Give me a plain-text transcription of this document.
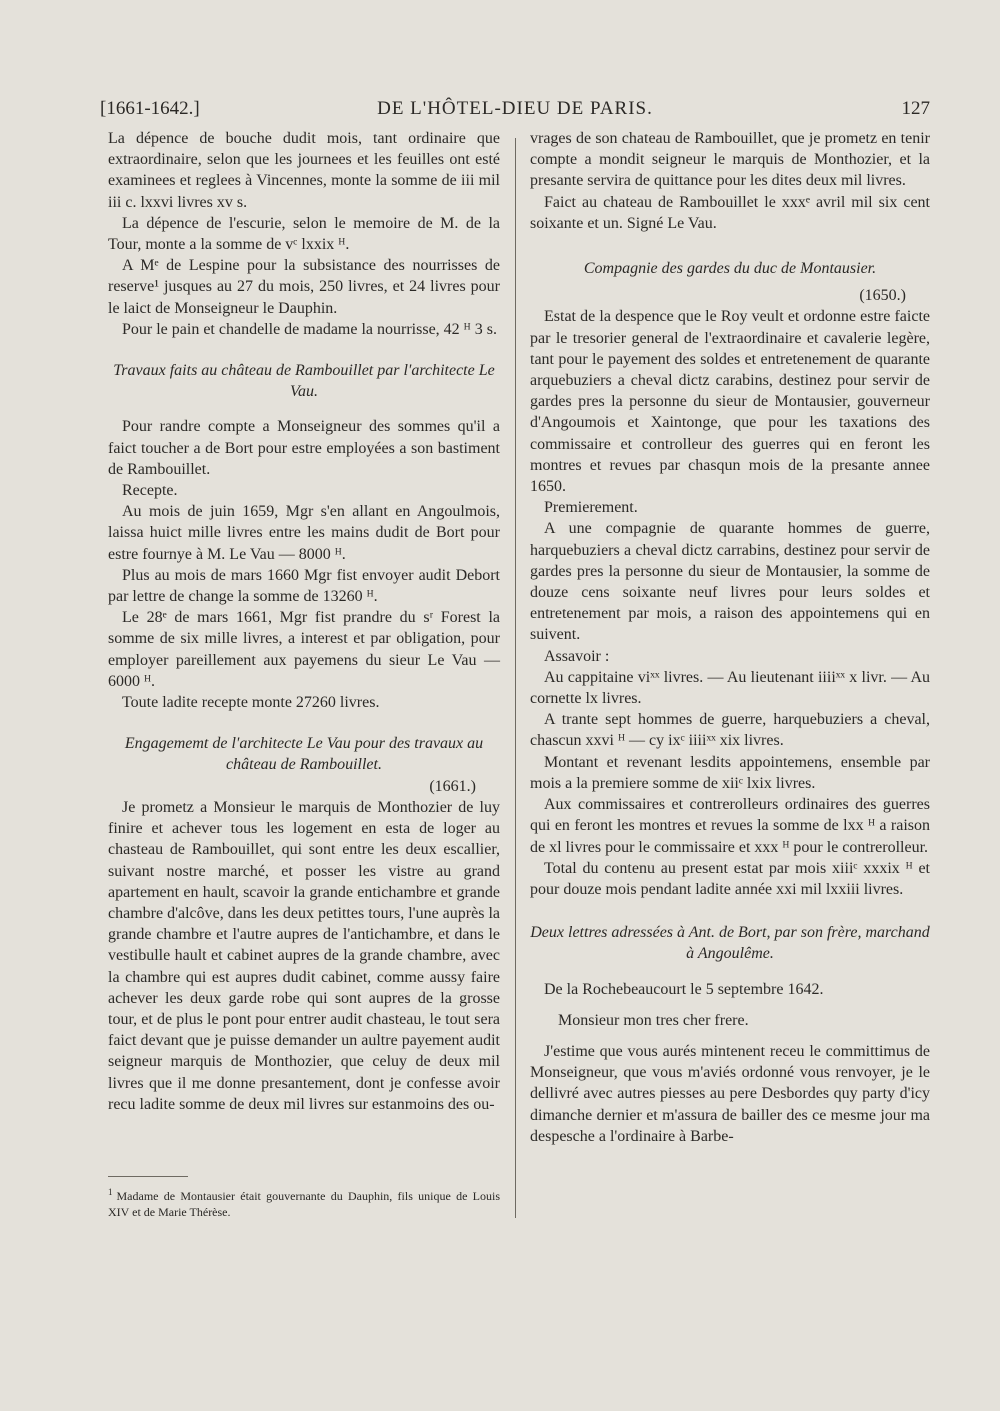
[1661-1642.]	DE L'HÔTEL-DIEU DE PARIS.	127

La dépence de bouche dudit mois, tant ordinaire que extraordinaire, selon que les journees et les feuilles ont esté examinees et reglees à Vincennes, monte la somme de iii mil iii c. lxxvi livres xv s.

La dépence de l'escurie, selon le memoire de M. de la Tour, monte a la somme de vᶜ lxxix ᴴ.

A Mᵉ de Lespine pour la subsistance des nourrisses de reserve¹ jusques au 27 du mois, 250 livres, et 24 livres pour le laict de Monseigneur le Dauphin.

Pour le pain et chandelle de madame la nourrisse, 42 ᴴ 3 s.

Travaux faits au château de Rambouillet par l'architecte Le Vau.

Pour randre compte a Monseigneur des sommes qu'il a faict toucher a de Bort pour estre employées a son bastiment de Rambouillet.

Recepte.

Au mois de juin 1659, Mgr s'en allant en Angoulmois, laissa huict mille livres entre les mains dudit de Bort pour estre fournye à M. Le Vau — 8000 ᴴ.

Plus au mois de mars 1660 Mgr fist envoyer audit Debort par lettre de change la somme de 13260 ᴴ.

Le 28ᵉ de mars 1661, Mgr fist prandre du sʳ Forest la somme de six mille livres, a interest et par obligation, pour employer pareillement aux payemens du sieur Le Vau — 6000 ᴴ.

Toute ladite recepte monte 27260 livres.

Engagememt de l'architecte Le Vau pour des travaux au château de Rambouillet.

(1661.)

Je prometz a Monsieur le marquis de Monthozier de luy finire et achever tous les logement en esta de loger au chasteau de Rambouillet, qui sont entre les deux escallier, suivant nostre marché, et posser les vistre au grand apartement en hault, scavoir la grande entichambre et grande chambre d'alcôve, dans les deux petittes tours, l'une auprès la grande chambre et l'autre aupres de l'antichambre, et dans le vestibulle hault et cabinet aupres de la grande chambre, avec la chambre qui est aupres dudit cabinet, comme aussy faire achever les deux garde robe qui sont aupres de la grosse tour, et de plus le pont pour entrer audit chasteau, le tout sera faict devant que je puisse demander un aultre payement audit seigneur marquis de Monthozier, que celuy de deux mil livres que il me donne presantement, dont je confesse avoir recu ladite somme de deux mil livres sur estanmoins des ou-

vrages de son chateau de Rambouillet, que je prometz en tenir compte a mondit seigneur le marquis de Monthozier, et la presante servira de quittance pour les dites deux mil livres.

Faict au chateau de Rambouillet le xxxᵉ avril mil six cent soixante et un. Signé Le Vau.

Compagnie des gardes du duc de Montausier.

(1650.)

Estat de la despence que le Roy veult et ordonne estre faicte par le tresorier general de l'extraordinaire et cavalerie legère, tant pour le payement des soldes et entretenement de quarante arquebuziers a cheval dictz carabins, destinez pour servir de gardes pres la personne du sieur de Montausier, gouverneur d'Angoumois et Xaintonge, que pour les taxations des commissaire et controlleur des guerres qui en feront les montres et revues par chasqun mois de la presante annee 1650.

Premierement.

A une compagnie de quarante hommes de guerre, harquebuziers a cheval dictz carrabins, destinez pour servir de gardes pres la personne du sieur de Montausier, la somme de douze cens soixante neuf livres pour leurs soldes et entretenement par mois, a raison des appointemens qui en suivent.

Assavoir :

Au cappitaine viˣˣ livres. — Au lieutenant iiiiˣˣ x livr. — Au cornette lx livres.

A trante sept hommes de guerre, harquebuziers a cheval, chascun xxvi ᴴ — cy ixᶜ iiiiˣˣ xix livres.

Montant et revenant lesdits appointemens, ensemble par mois a la premiere somme de xiiᶜ lxix livres.

Aux commissaires et contrerolleurs ordinaires des guerres qui en feront les montres et revues la somme de lxx ᴴ a raison de xl livres pour le commissaire et xxx ᴴ pour le contrerolleur.

Total du contenu au present estat par mois xiiiᶜ xxxix ᴴ et pour douze mois pendant ladite année xxi mil lxxiii livres.

Deux lettres adressées à Ant. de Bort, par son frère, marchand à Angoulême.

De la Rochebeaucourt le 5 septembre 1642.

Monsieur mon tres cher frere.

J'estime que vous aurés mintenent receu le committimus de Monseigneur, que vous m'aviés ordonné vous renvoyer, je le dellivré avec autres piesses au pere Desbordes quy party d'icy dimanche dernier et m'assura de bailler des ce mesme jour ma despesche a l'ordinaire à Barbe-

$^1$ Madame de Montausier était gouvernante du Dauphin, fils unique de Louis XIV et de Marie Thérèse.
